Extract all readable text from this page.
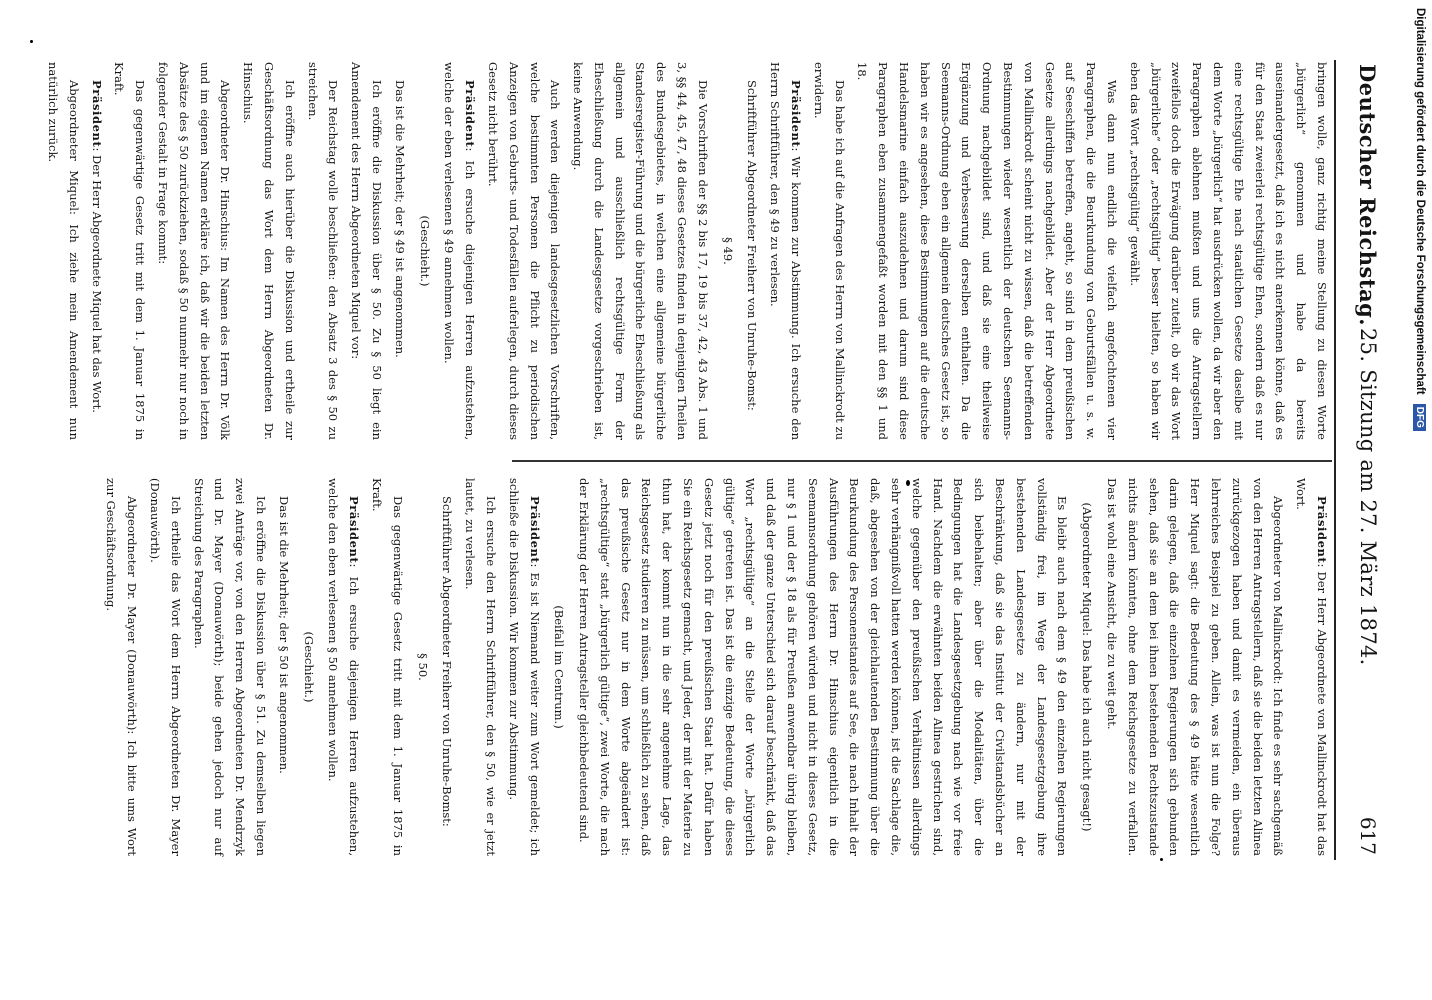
Deutscher Reichstag.
25. Sitzung am 27. März 1874.
617

bringen wolle, ganz richtig meine Stellung zu diesen Worte „bürgerlich“ genommen und habe da bereits auseinandergesetzt, daß ich es nicht anerkennen könne, daß es für den Staat zweierlei rechtsgültige Ehen, sondern daß es nur eine rechtsgültige Ehe nach staatlichen Gesetze daselbe mit dem Worte „bürgerlich“ hat ausdrücken wollen, da wir aber den Paragraphen ablehnen mußten und uns die Antragstellern zweifellos doch die Erwägung darüber zuteilt, ob wir das Wort „bürgerliche“ oder „rechtsgültig“ besser hielten, so haben wir eben das Wort „rechtsgültig“ gewählt.

Was dann nun endlich die vielfach angefochtenen vier Paragraphen, die die Beurkundung von Geburtsfällen u. s. w. auf Seeschiffen betreffen, angeht, so sind in dem preußischen Gesetze allerdings nachgebildet. Aber der Herr Abgeordnete von Mallinckrodt scheint nicht zu wissen, daß die betreffenden Bestimmungen wieder wesentlich der deutschen Seemanns-Ordnung nachgebildet sind, und daß sie eine theilweise Ergänzung und Verbesserung derselben enthalten. Da die Seemanns-Ordnung eben ein allgemein deutsches Gesetz ist, so haben wir es angesehen, diese Bestimmungen auf die deutsche Handelsmarine einfach auszudehnen und darum sind diese Paragraphen eben zusammengefaßt worden mit den §§ 1 und 18.

Das habe ich auf die Anfragen des Herrn von Mallinckrodt zu erwidern.

Präsident: Wir kommen zur Abstimmung. Ich ersuche den Herrn Schriftführer, den § 49 zu verlesen.

Schriftführer Abgeordneter Freiherr von Unruhe-Bomst:

§ 49.

Die Vorschriften der §§ 2 bis 17, 19 bis 37, 42, 43 Abs. 1 und 3, §§ 44, 45, 47, 48 dieses Gesetzes finden in denjenigen Theilen des Bundesgebietes, in welchen eine allgemeine bürgerliche Standesregister-Führung und die bürgerliche Eheschließung als allgemein und ausschließlich rechtsgültige Form der Eheschließung durch die Landesgesetze vorgeschrieben ist, keine Anwendung.

Auch werden diejenigen landesgesetzlichen Vorschriften, welche bestimmten Personen die Pflicht zu periodischen Anzeigen von Geburts- und Todesfällen auferlegen, durch dieses Gesetz nicht berührt.

Präsident: Ich ersuche diejenigen Herren aufzustehen, welche der eben verlesenen § 49 annehmen wollen.

(Geschieht.)

Das ist die Mehrheit; der § 49 ist angenommen.

Ich eröffne die Diskussion über § 50. Zu § 50 liegt ein Amendement des Herrn Abgeordneten Miquel vor:

Der Reichstag wolle beschließen: den Absatz 3 des § 50 zu streichen.

Ich eröffne auch hierüber die Diskussion und ertheile zur Geschäftsordnung das Wort dem Herrn Abgeordneten Dr. Hinschius.

Abgeordneter Dr. Hinschius: Im Namen des Herrn Dr. Völk und im eigenen Namen erkläre ich, daß wir die beiden letzten Absätze des § 50 zurückziehen, sodaß § 50 nunmehr nur noch in folgender Gestalt in Frage kommt:

Das gegenwärtige Gesetz tritt mit dem 1. Januar 1875 in Kraft.

Präsident: Der Herr Abgeordnete Miquel hat das Wort.

Abgeordneter Miquel: Ich ziehe mein Amendement nun natürlich zurück.

Präsident: Der Herr Abgeordnete von Mallinckrodt hat das Wort.

Abgeordneter von Mallinckrodt: Ich finde es sehr sachgemäß von den Herren Antragstellern, daß sie die beiden letzten Alinea zurückgezogen haben und damit es vermeiden, ein überaus lehrreiches Beispiel zu geben. Allein, was ist nun die Folge? Herr Miquel sagt: die Bedeutung des § 49 hätte wesentlich darin gelegen, daß die einzelnen Regierungen sich gebunden sehen, daß sie an dem bei ihnen bestehenden Rechtszustande nichts ändern könnten, ohne dem Reichsgesetze zu verfallen. Das ist wohl eine Ansicht, die zu weit geht.

(Abgeordneter Miquel: Das habe ich auch nicht gesagt!)

Es bleibt auch nach dem § 49 den einzelnen Regierungen vollständig frei, im Wege der Landesgesetzgebung ihre bestehenden Landesgesetze zu ändern, nur mit der Beschränkung, daß sie das Institut der Civilstandsbücher an sich beibehalten; aber über die Modalitäten, über die Bedingungen hat die Landesgesetzgebung nach wie vor freie Hand. Nachdem die erwähnten beiden Alinea gestrichen sind, welche gegenüber den preußischen Verhältnissen allerdings sehr verhängnißvoll hatten werden können, ist die Sachlage die, daß, abgesehen von der gleichlautenden Bestimmung über die Beurkundung des Personenstandes auf See, die nach Inhalt der Ausführungen des Herrn Dr. Hinschius eigentlich in die Seemannsordnung gehören würden und nicht in dieses Gesetz, nur § 1 und der § 18 als für Preußen anwendbar übrig bleiben, und daß der ganze Unterschied sich darauf beschränkt, daß das Wort „rechtsgültige“ an die Stelle der Worte „bürgerlich gültige“ getreten ist. Das ist die einzige Bedeutung, die dieses Gesetz jetzt noch für den preußischen Staat hat. Dafür haben Sie ein Reichsgesetz gemacht, und Jeder, der mit der Materie zu thun hat, der kommt nun in die sehr angenehme Lage, das Reichsgesetz studieren zu müssen, um schließlich zu sehen, daß das preußische Gesetz nur in dem Worte abgeändert ist: „rechtsgültige“ statt „bürgerlich gültige“, zwei Worte, die nach der Erklärung der Herren Antragsteller gleichbedeutend sind.

(Beifall im Centrum.)

Präsident: Es ist Niemand weiter zum Wort gemeldet; ich schließe die Diskussion. Wir kommen zur Abstimmung.

Ich ersuche den Herrn Schriftführer, den § 50, wie er jetzt lautet, zu verlesen.

Schriftführer Abgeordneter Freiherr von Unruhe-Bomst:

§ 50.

Das gegenwärtige Gesetz tritt mit dem 1. Januar 1875 in Kraft.

Präsident: Ich ersuche diejenigen Herren aufzustehen, welche den eben verlesenen § 50 annehmen wollen.

(Geschieht.)

Das ist die Mehrheit; der § 50 ist angenommen.

Ich eröffne die Diskussion über § 51. Zu demselben liegen zwei Anträge vor, von den Herren Abgeordneten Dr. Mendrzyk und Dr. Mayer (Donauwörth); beide gehen jedoch nur auf Streichung des Paragraphen.

Ich ertheile das Wort dem Herrn Abgeordneten Dr. Mayer (Donauwörth).

Abgeordneter Dr. Mayer (Donauwörth): Ich bitte ums Wort zur Geschäftsordnung.

Digitalisierung gefördert durch die Deutsche Forschungsgemeinschaft DFG
